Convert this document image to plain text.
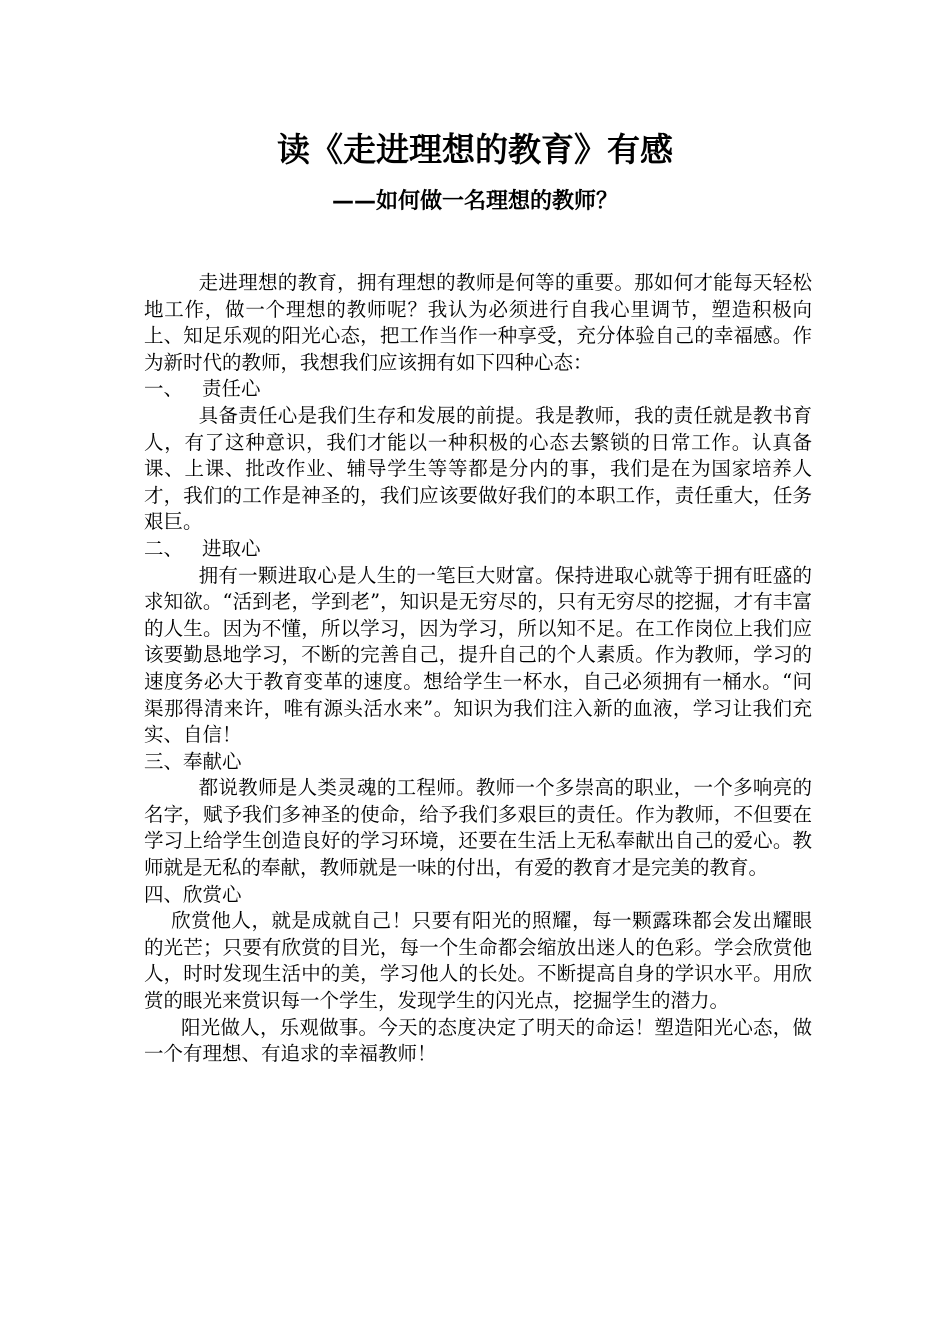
读《走进理想的教育》有感
——如何做一名理想的教师？

走进理想的教育，拥有理想的教师是何等的重要。那如何才能每天轻松地工作，做一个理想的教师呢？我认为必须进行自我心里调节，塑造积极向上、知足乐观的阳光心态，把工作当作一种享受，充分体验自己的幸福感。作为新时代的教师，我想我们应该拥有如下四种心态：

一、 责任心

具备责任心是我们生存和发展的前提。我是教师，我的责任就是教书育人，有了这种意识，我们才能以一种积极的心态去繁锁的日常工作。认真备课、上课、批改作业、辅导学生等等都是分内的事，我们是在为国家培养人才，我们的工作是神圣的，我们应该要做好我们的本职工作，责任重大，任务艰巨。

二、 进取心

拥有一颗进取心是人生的一笔巨大财富。保持进取心就等于拥有旺盛的求知欲。“活到老，学到老”，知识是无穷尽的，只有无穷尽的挖掘，才有丰富的人生。因为不懂，所以学习，因为学习，所以知不足。在工作岗位上我们应该要勤恳地学习，不断的完善自己，提升自己的个人素质。作为教师，学习的速度务必大于教育变革的速度。想给学生一杯水，自己必须拥有一桶水。“问渠那得清来许，唯有源头活水来”。知识为我们注入新的血液，学习让我们充实、自信！

三、奉献心

都说教师是人类灵魂的工程师。教师一个多崇高的职业，一个多响亮的名字，赋予我们多神圣的使命，给予我们多艰巨的责任。作为教师，不但要在学习上给学生创造良好的学习环境，还要在生活上无私奉献出自己的爱心。教师就是无私的奉献，教师就是一味的付出，有爱的教育才是完美的教育。

四、欣赏心

欣赏他人，就是成就自己！只要有阳光的照耀，每一颗露珠都会发出耀眼的光芒；只要有欣赏的目光，每一个生命都会缩放出迷人的色彩。学会欣赏他人，时时发现生活中的美，学习他人的长处。不断提高自身的学识水平。用欣赏的眼光来赏识每一个学生，发现学生的闪光点，挖掘学生的潜力。

阳光做人，乐观做事。今天的态度决定了明天的命运！塑造阳光心态，做一个有理想、有追求的幸福教师！
